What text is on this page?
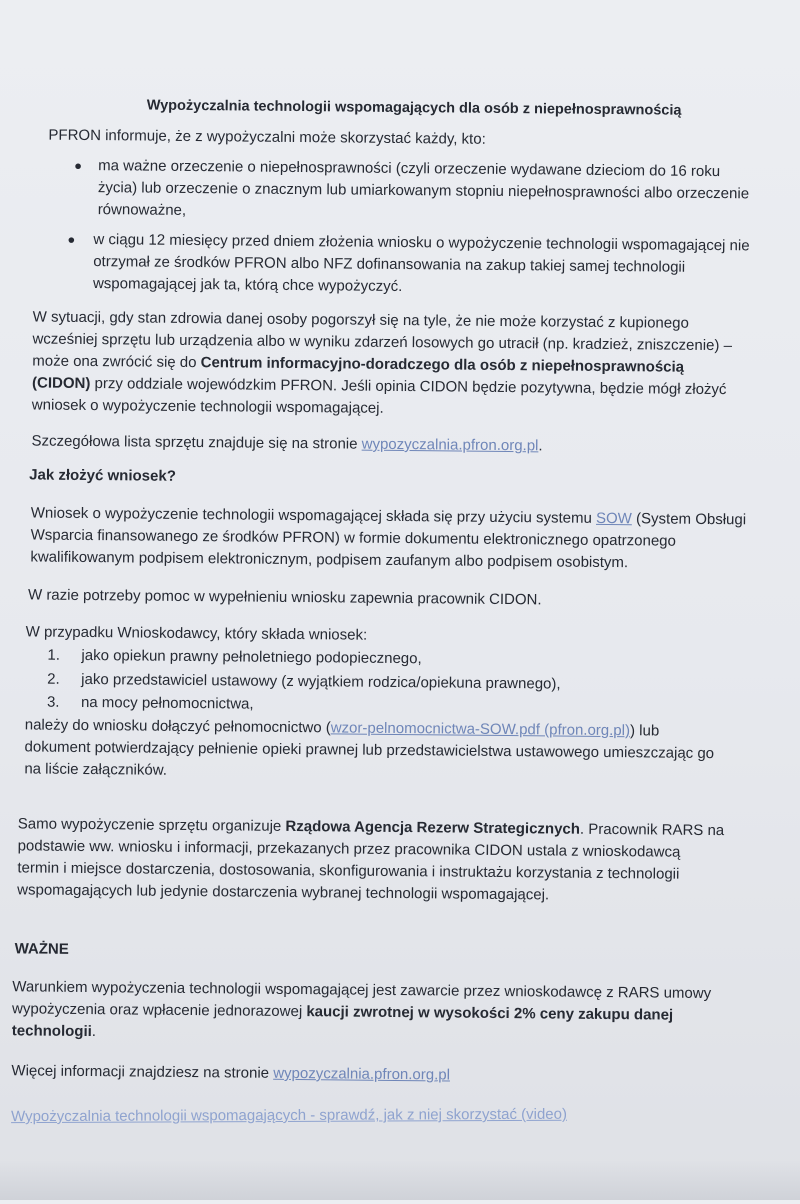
Wypożyczalnia technologii wspomagających dla osób z niepełnosprawnością
PFRON informuje, że z wypożyczalni może skorzystać każdy, kto:
● ma ważne orzeczenie o niepełnosprawności (czyli orzeczenie wydawane dzieciom do 16 roku
życia) lub orzeczenie o znacznym lub umiarkowanym stopniu niepełnosprawności albo orzeczenie
równoważne,
● w ciągu 12 miesięcy przed dniem złożenia wniosku o wypożyczenie technologii wspomagającej nie
otrzymał ze środków PFRON albo NFZ dofinansowania na zakup takiej samej technologii
wspomagającej jak ta, którą chce wypożyczyć.
W sytuacji, gdy stan zdrowia danej osoby pogorszył się na tyle, że nie może korzystać z kupionego
wcześniej sprzętu lub urządzenia albo w wyniku zdarzeń losowych go utracił (np. kradzież, zniszczenie) –
może ona zwrócić się do Centrum informacyjno-doradczego dla osób z niepełnosprawnością
(CIDON) przy oddziale wojewódzkim PFRON. Jeśli opinia CIDON będzie pozytywna, będzie mógł złożyć
wniosek o wypożyczenie technologii wspomagającej.
Szczegółowa lista sprzętu znajduje się na stronie wypozyczalnia.pfron.org.pl.
Jak złożyć wniosek?
Wniosek o wypożyczenie technologii wspomagającej składa się przy użyciu systemu SOW (System Obsługi
Wsparcia finansowanego ze środków PFRON) w formie dokumentu elektronicznego opatrzonego
kwalifikowanym podpisem elektronicznym, podpisem zaufanym albo podpisem osobistym.
W razie potrzeby pomoc w wypełnieniu wniosku zapewnia pracownik CIDON.
W przypadku Wnioskodawcy, który składa wniosek:
1. jako opiekun prawny pełnoletniego podopiecznego,
2. jako przedstawiciel ustawowy (z wyjątkiem rodzica/opiekuna prawnego),
3. na mocy pełnomocnictwa,
należy do wniosku dołączyć pełnomocnictwo (wzor-pelnomocnictwa-SOW.pdf (pfron.org.pl)) lub
dokument potwierdzający pełnienie opieki prawnej lub przedstawicielstwa ustawowego umieszczając go
na liście załączników.
Samo wypożyczenie sprzętu organizuje Rządowa Agencja Rezerw Strategicznych. Pracownik RARS na
podstawie ww. wniosku i informacji, przekazanych przez pracownika CIDON ustala z wnioskodawcą
termin i miejsce dostarczenia, dostosowania, skonfigurowania i instruktażu korzystania z technologii
wspomagających lub jedynie dostarczenia wybranej technologii wspomagającej.
WAŻNE
Warunkiem wypożyczenia technologii wspomagającej jest zawarcie przez wnioskodawcę z RARS umowy
wypożyczenia oraz wpłacenie jednorazowej kaucji zwrotnej w wysokości 2% ceny zakupu danej
technologii.
Więcej informacji znajdziesz na stronie wypozyczalnia.pfron.org.pl
Wypożyczalnia technologii wspomagających - sprawdź, jak z niej skorzystać (video)
